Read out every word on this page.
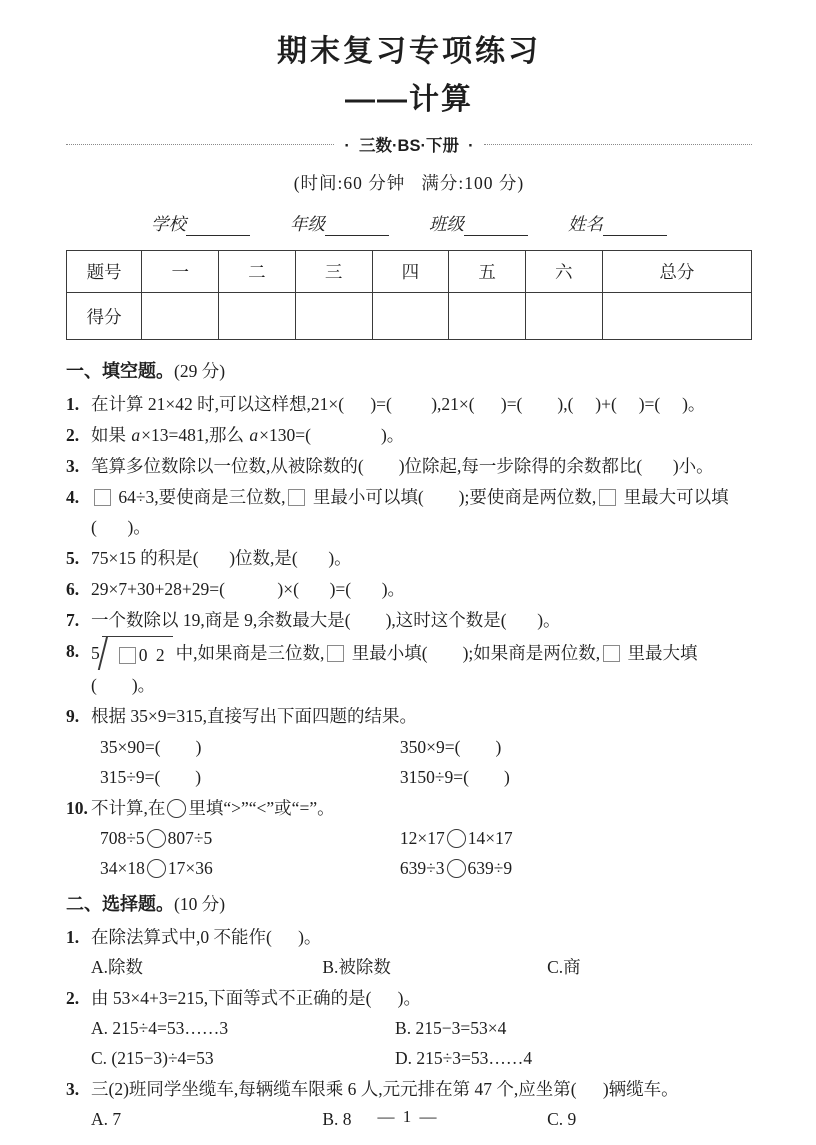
期末复习专项练习
——计算
·  三数·BS·下册  ·
(时间:60 分钟   满分:100 分)
学校	年级	班级	姓名
题号	一	二	三	四	五	六	总分
得分							
一、填空题。(29 分)
1. 在计算 21×42 时,可以这样想,21×(      )=(         ),21×(      )=(        ),(     )+(     )=(     )。
2. 如果 a×13=481,那么 a×130=(                )。
3. 笔算多位数除以一位数,从被除数的(        )位除起,每一步除得的余数都比(       )小。
4. 64÷3,要使商是三位数, 里最小可以填(        );要使商是两位数, 里最大可以填(       )。
5. 75×15 的积是(       )位数,是(       )。
6. 29×7+30+28+29=(            )×(       )=(       )。
7. 一个数除以 19,商是 9,余数最大是(        ),这时这个数是(       )。
8. 5	0 2 中,如果商是三位数, 里最小填(        );如果商是两位数, 里最大填(        )。
9. 根据 35×9=315,直接写出下面四题的结果。
35×90=(        )	350×9=(        )
315÷9=(        )	3150÷9=(        )
10. 不计算,在 里填“>”“<”或“=”。
708÷5 807÷5	12×17 14×17
34×18 17×36	639÷3 639÷9
二、选择题。(10 分)
1. 在除法算式中,0 不能作(      )。
A.除数	B.被除数	C.商
2. 由 53×4+3=215,下面等式不正确的是(      )。
A. 215÷4=53……3	B. 215−3=53×4
C. (215−3)÷4=53	D. 215÷3=53……4
3. 三(2)班同学坐缆车,每辆缆车限乘 6 人,元元排在第 47 个,应坐第(      )辆缆车。
A. 7	B. 8	C. 9
— 1 —
